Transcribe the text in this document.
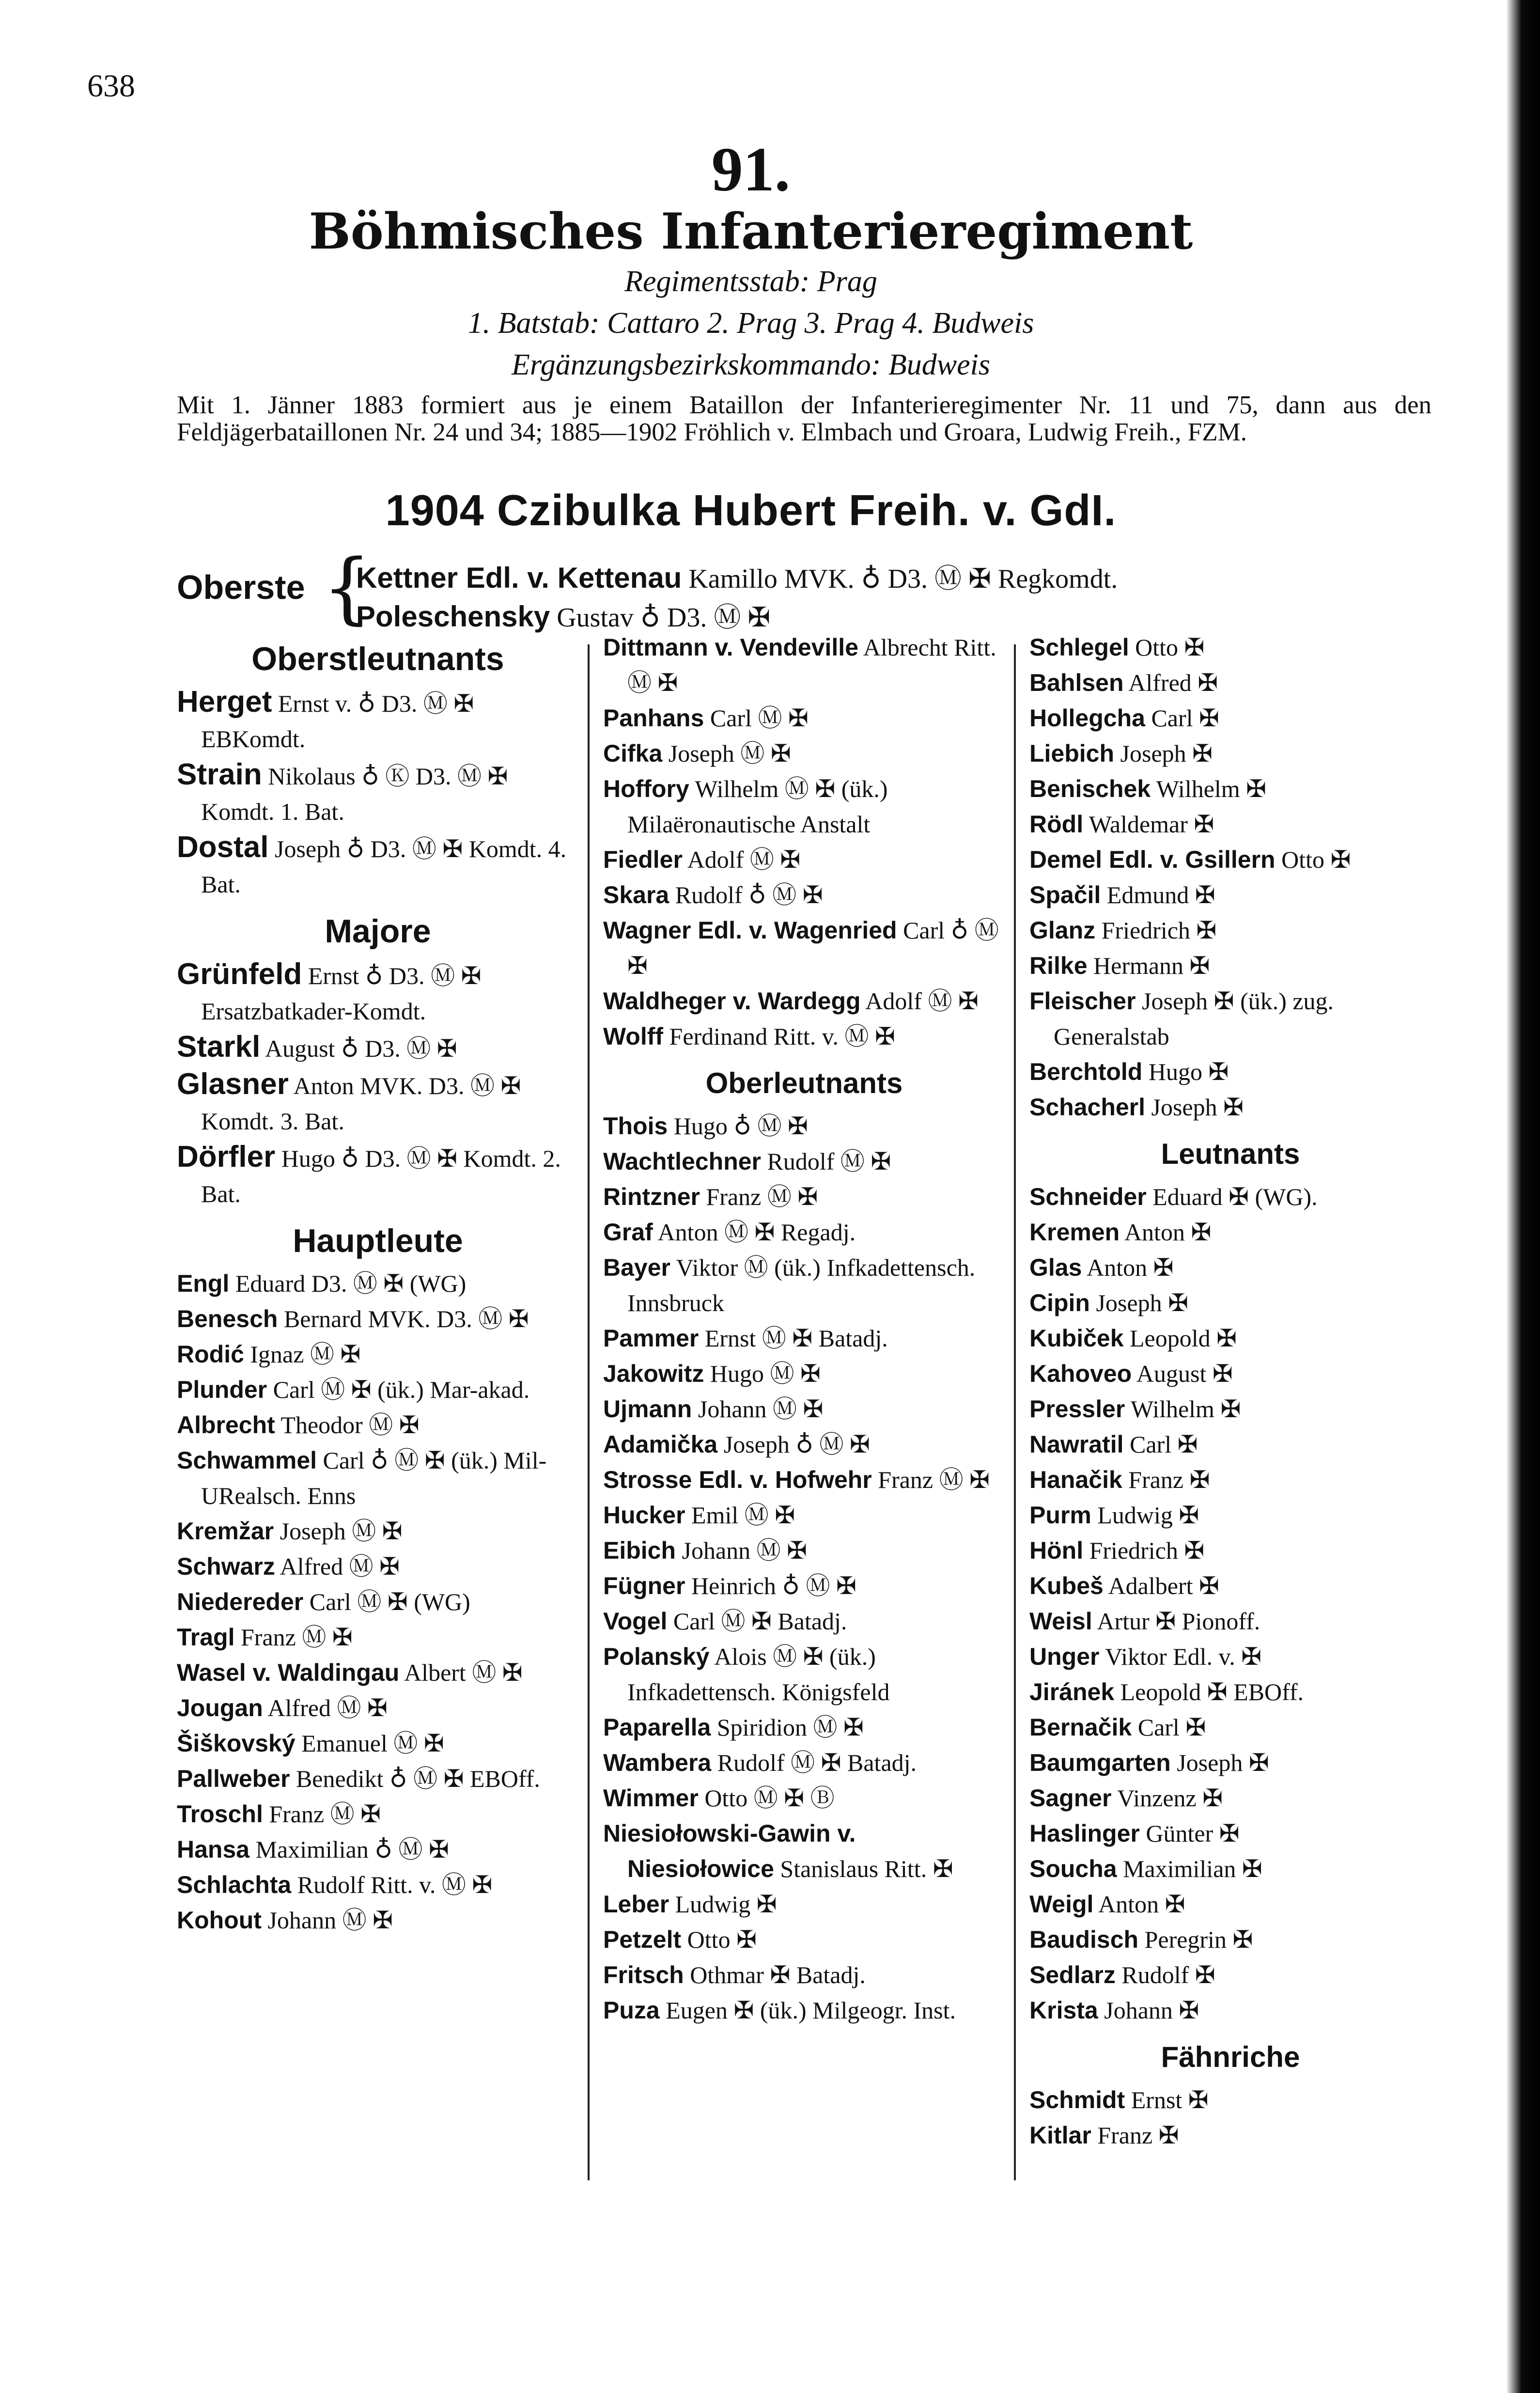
638
91.
Böhmisches Infanterieregiment
Regimentsstab: Prag
1. Batstab: Cattaro 2. Prag 3. Prag 4. Budweis
Ergänzungsbezirkskommando: Budweis
Mit 1. Jänner 1883 formiert aus je einem Bataillon der Infanterieregimenter Nr. 11 und 75, dann aus den Feldjägerbataillonen Nr. 24 und 34; 1885—1902 Fröhlich v. Elmbach und Groara, Ludwig Freih., FZM.
1904 Czibulka Hubert Freih. v. GdI.
Oberste {
Kettner Edl. v. Kettenau Kamillo MVK. ♁ D3. Ⓜ ✠ Regkomdt.
Poleschensky Gustav ♁ D3. Ⓜ ✠
Oberstleutnants
Herget Ernst v. ♁ D3. Ⓜ ✠ EBKomdt.
Strain Nikolaus ♁ Ⓚ D3. Ⓜ ✠ Komdt. 1. Bat.
Dostal Joseph ♁ D3. Ⓜ ✠ Komdt. 4. Bat.
Majore
Grünfeld Ernst ♁ D3. Ⓜ ✠ Ersatzbatkader-Komdt.
Starkl August ♁ D3. Ⓜ ✠
Glasner Anton MVK. D3. Ⓜ ✠ Komdt. 3. Bat.
Dörfler Hugo ♁ D3. Ⓜ ✠ Komdt. 2. Bat.
Hauptleute
Engl Eduard D3. Ⓜ ✠ (WG)
Benesch Bernard MVK. D3. Ⓜ ✠
Rodić Ignaz Ⓜ ✠
Plunder Carl Ⓜ ✠ (ük.) Mar-akad.
Albrecht Theodor Ⓜ ✠
Schwammel Carl ♁ Ⓜ ✠ (ük.) Mil-URealsch. Enns
Kremžar Joseph Ⓜ ✠
Schwarz Alfred Ⓜ ✠
Niedereder Carl Ⓜ ✠ (WG)
Tragl Franz Ⓜ ✠
Wasel v. Waldingau Albert Ⓜ ✠
Jougan Alfred Ⓜ ✠
Šiškovský Emanuel Ⓜ ✠
Pallweber Benedikt ♁ Ⓜ ✠ EBOff.
Troschl Franz Ⓜ ✠
Hansa Maximilian ♁ Ⓜ ✠
Schlachta Rudolf Ritt. v. Ⓜ ✠
Kohout Johann Ⓜ ✠
Dittmann v. Vendeville Albrecht Ritt. Ⓜ ✠
Panhans Carl Ⓜ ✠
Cifka Joseph Ⓜ ✠
Hoffory Wilhelm Ⓜ ✠ (ük.) Milaëronautische Anstalt
Fiedler Adolf Ⓜ ✠
Skara Rudolf ♁ Ⓜ ✠
Wagner Edl. v. Wagenried Carl ♁ Ⓜ ✠
Waldheger v. Wardegg Adolf Ⓜ ✠
Wolff Ferdinand Ritt. v. Ⓜ ✠
Oberleutnants
Thois Hugo ♁ Ⓜ ✠
Wachtlechner Rudolf Ⓜ ✠
Rintzner Franz Ⓜ ✠
Graf Anton Ⓜ ✠ Regadj.
Bayer Viktor Ⓜ (ük.) Infkadettensch. Innsbruck
Pammer Ernst Ⓜ ✠ Batadj.
Jakowitz Hugo Ⓜ ✠
Ujmann Johann Ⓜ ✠
Adamička Joseph ♁ Ⓜ ✠
Strosse Edl. v. Hofwehr Franz Ⓜ ✠
Hucker Emil Ⓜ ✠
Eibich Johann Ⓜ ✠
Fügner Heinrich ♁ Ⓜ ✠
Vogel Carl Ⓜ ✠ Batadj.
Polanský Alois Ⓜ ✠ (ük.) Infkadettensch. Königsfeld
Paparella Spiridion Ⓜ ✠
Wambera Rudolf Ⓜ ✠ Batadj.
Wimmer Otto Ⓜ ✠ Ⓑ
Niesiołowski-Gawin v. Niesiołowice Stanislaus Ritt. ✠
Leber Ludwig ✠
Petzelt Otto ✠
Fritsch Othmar ✠ Batadj.
Puza Eugen ✠ (ük.) Milgeogr. Inst.
Schlegel Otto ✠
Bahlsen Alfred ✠
Hollegcha Carl ✠
Liebich Joseph ✠
Benischek Wilhelm ✠
Rödl Waldemar ✠
Demel Edl. v. Gsillern Otto ✠
Spačil Edmund ✠
Glanz Friedrich ✠
Rilke Hermann ✠
Fleischer Joseph ✠ (ük.) zug. Generalstab
Berchtold Hugo ✠
Schacherl Joseph ✠
Leutnants
Schneider Eduard ✠ (WG).
Kremen Anton ✠
Glas Anton ✠
Cipin Joseph ✠
Kubiček Leopold ✠
Kahoveo August ✠
Pressler Wilhelm ✠
Nawratil Carl ✠
Hanačik Franz ✠
Purm Ludwig ✠
Hönl Friedrich ✠
Kubeš Adalbert ✠
Weisl Artur ✠ Pionoff.
Unger Viktor Edl. v. ✠
Jiránek Leopold ✠ EBOff.
Bernačik Carl ✠
Baumgarten Joseph ✠
Sagner Vinzenz ✠
Haslinger Günter ✠
Soucha Maximilian ✠
Weigl Anton ✠
Baudisch Peregrin ✠
Sedlarz Rudolf ✠
Krista Johann ✠
Fähnriche
Schmidt Ernst ✠
Kitlar Franz ✠
